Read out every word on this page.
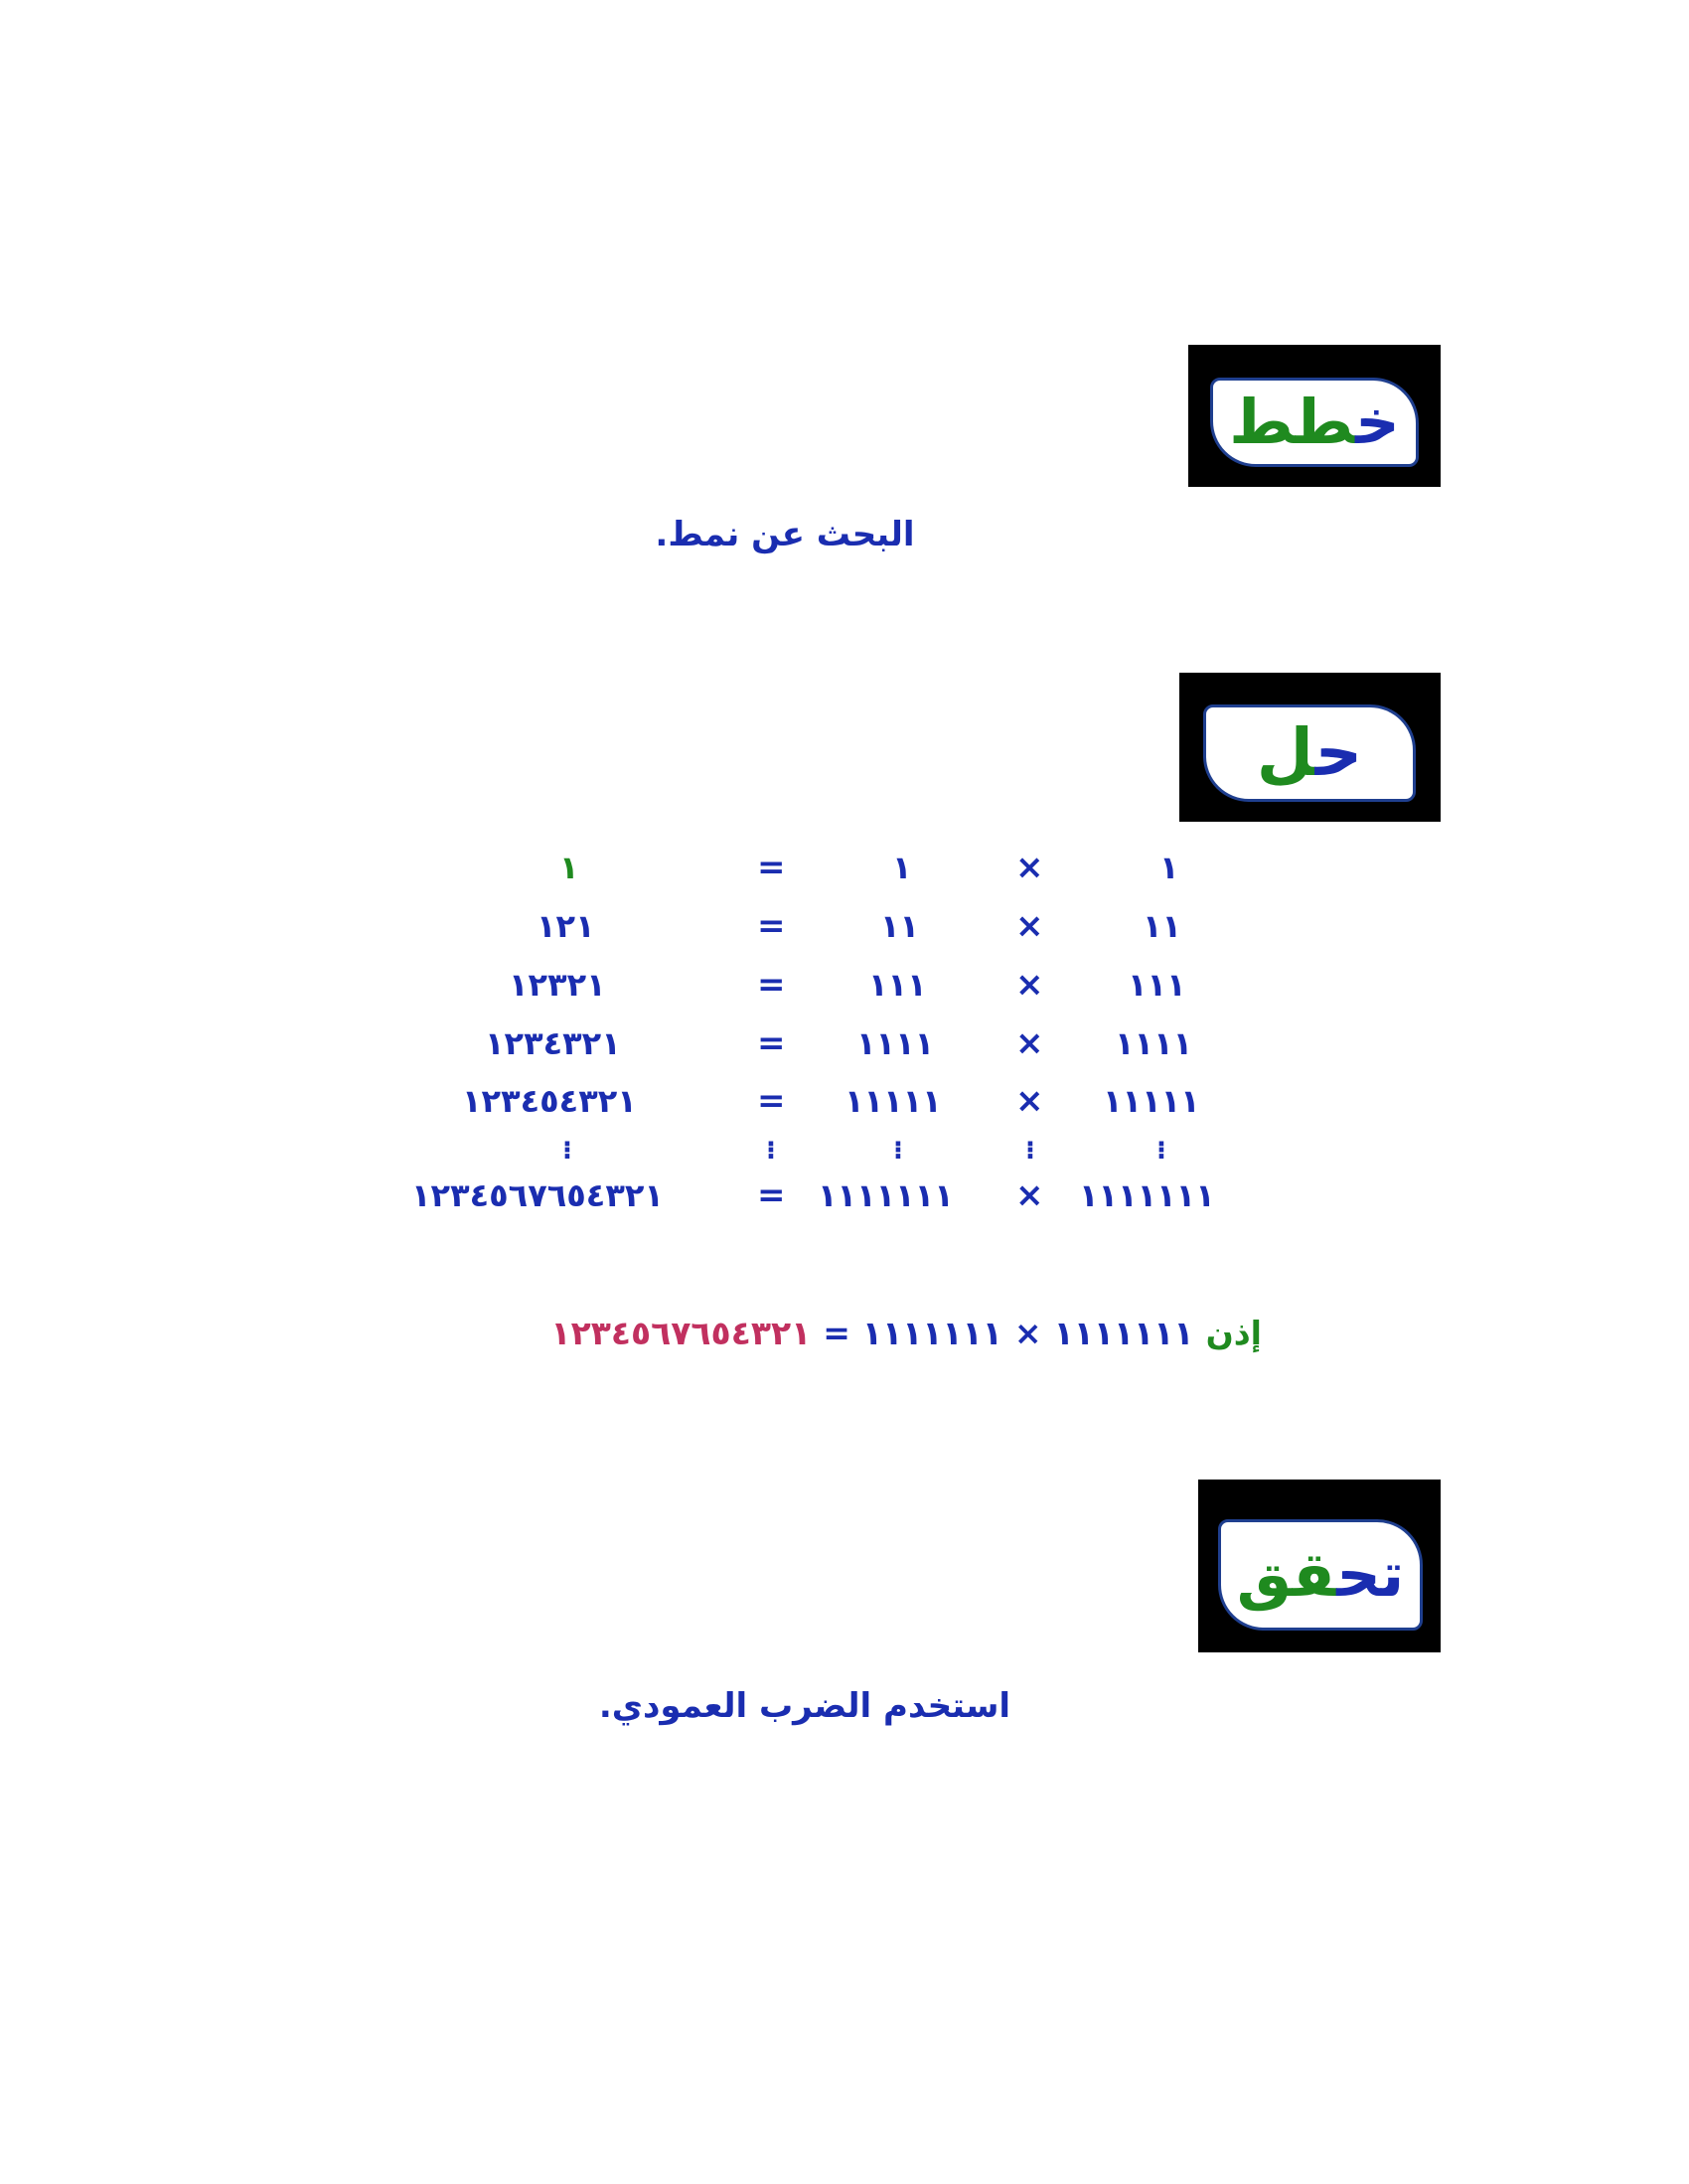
خطط
البحث عن نمط.
حل
١
×
١
=
١
١١
×
١١
=
١٢١
١١١
×
١١١
=
١٢٣٢١
١١١١
×
١١١١
=
١٢٣٤٣٢١
١١١١١
×
١١١١١
=
١٢٣٤٥٤٣٢١
⁝
⁝
⁝
⁝
⁝
١١١١١١١
×
١١١١١١١
=
١٢٣٤٥٦٧٦٥٤٣٢١
إذن١١١١١١١×١١١١١١١=١٢٣٤٥٦٧٦٥٤٣٢١
تحقق
استخدم الضرب العمودي.
